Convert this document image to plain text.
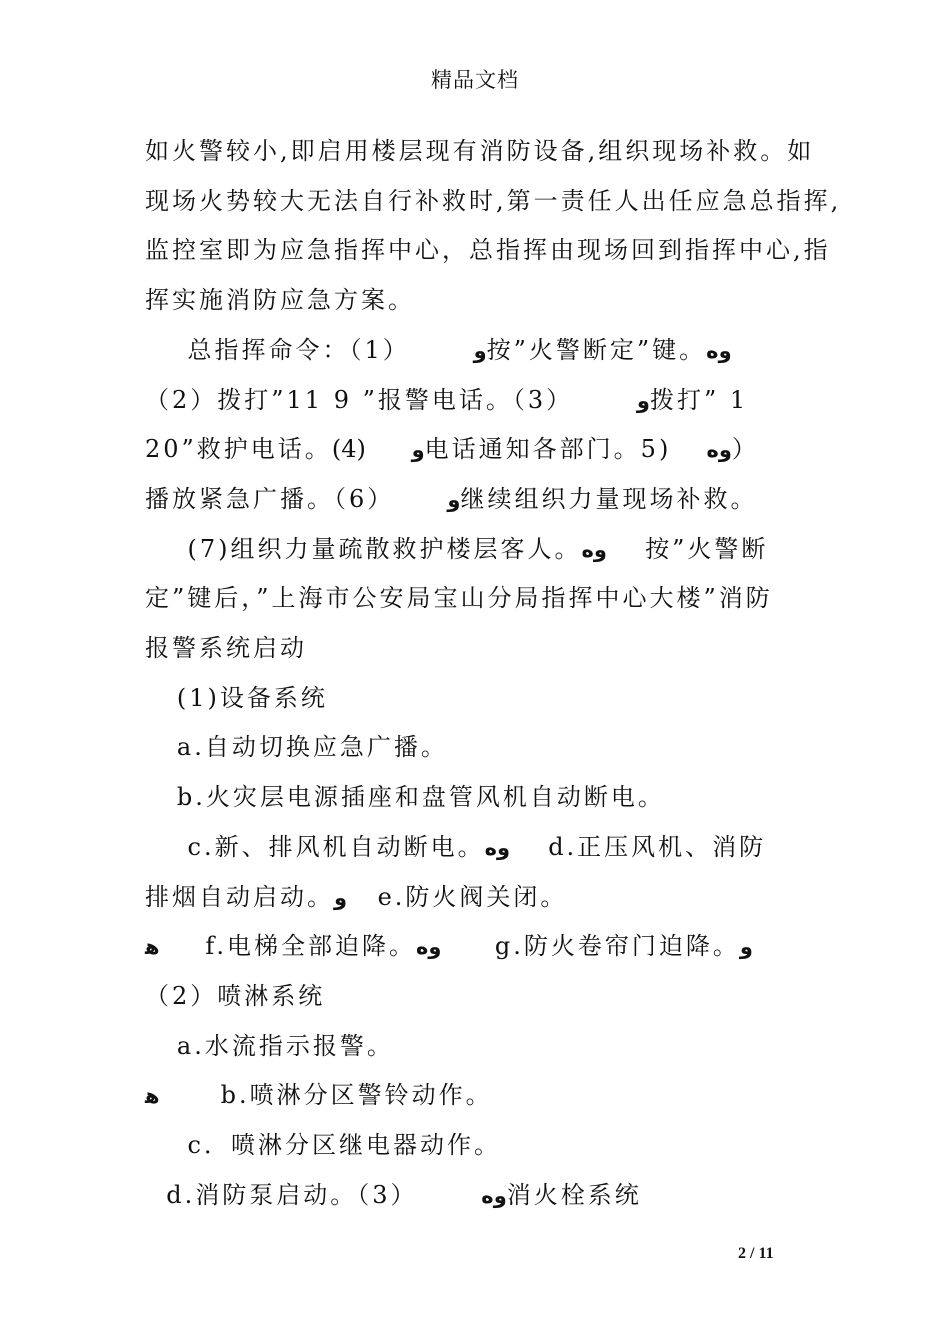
精品文档
如火警较小,即启用楼层现有消防设备,组织现场补救。如
现场火势较大无法自行补救时,第一责任人出任应急总指挥,
监控室即为应急指挥中心，总指挥由现场回到指挥中心,指
挥实施消防应急方案。
总指挥命令：（1）      ﻭ按”火警断定”键。ﻭه
（2）拨打”11 9 ”报警电话。（3）      ﻭ拨打” 1
20”救护电话。	ﻭ      (4)电话通知各部门。5)     ﻭه）
播放紧急广播。（6）     ﻭ继续组织力量现场补救。
(7)组织力量疏散救护楼层客人。ﻭه     按”火警断
定”键后，”上海市公安局宝山分局指挥中心大楼”消防
报警系统启动
(1)设备系统
a.自动切换应急广播。
b.火灾层电源插座和盘管风机自动断电。
c.新、排风机自动断电。ﻭه     d.正压风机、消防
排烟自动启动。ﻭ    e.防火阀关闭。
ﻫ      f.电梯全部迫降。ﻭه       g.防火卷帘门迫降。ﻭ
（2）喷淋系统
a.水流指示报警。
ﻫ        b.喷淋分区警铃动作。
c．喷淋分区继电器动作。
d.消防泵启动。（3）      ﻭه消火栓系统
2 / 11
